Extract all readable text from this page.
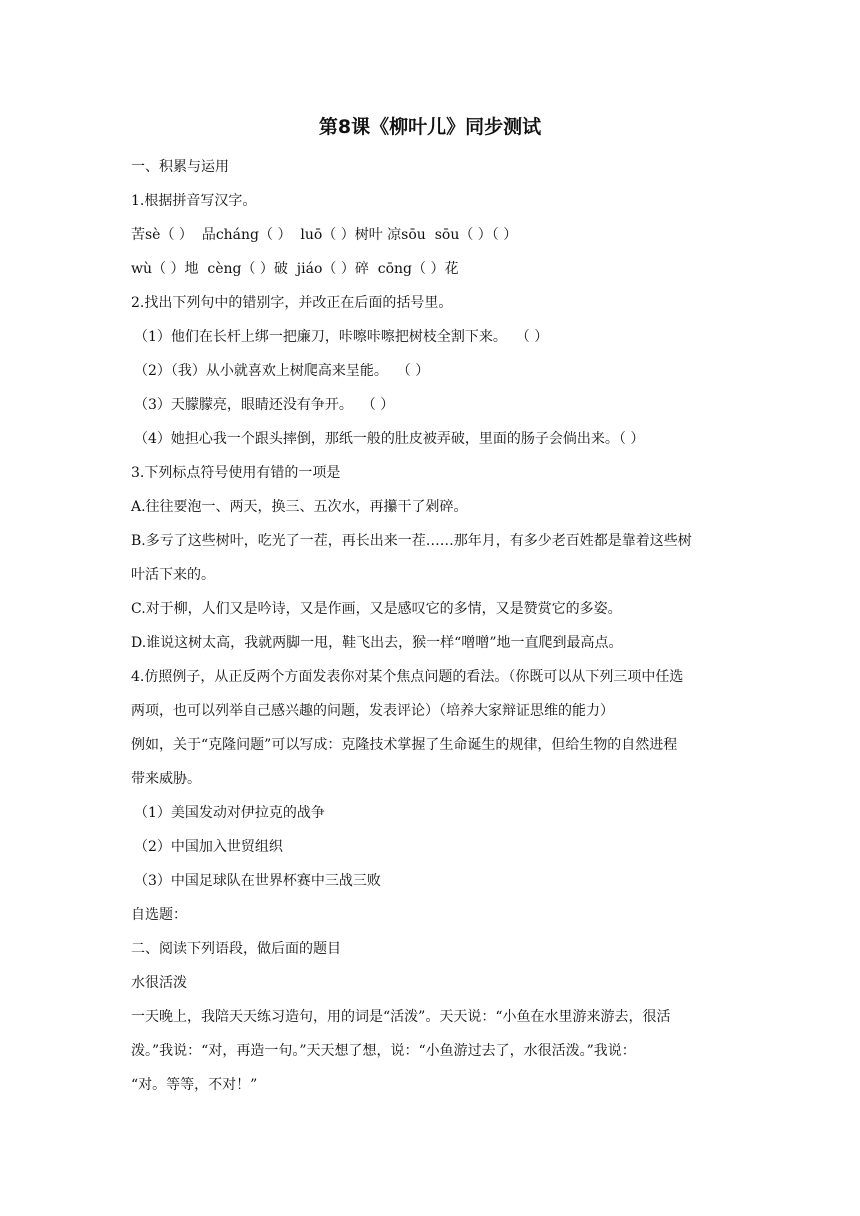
第8课《柳叶儿》同步测试

一、积累与运用

1.根据拼音写汉字。

苦sè（ ）  品cháng（ ）  luō（ ）树叶 凉sōu  sōu（ ）（ ）

wù（ ）地  cèng（ ）破  jiáo（ ）碎  cōng（ ）花

2.找出下列句中的错别字，并改正在后面的括号里。

（1）他们在长杆上绑一把廉刀，咔嚓咔嚓把树枝全割下来。  （ ）

（2）（我）从小就喜欢上树爬高来呈能。  （ ）

（3）天朦朦亮，眼睛还没有争开。  （ ）

（4）她担心我一个跟头摔倒，那纸一般的肚皮被弄破，里面的肠子会倘出来。（ ）

3.下列标点符号使用有错的一项是

A.往往要泡一、两天，换三、五次水，再攥干了剁碎。

B.多亏了这些树叶，吃光了一茬，再长出来一茬……那年月，有多少老百姓都是靠着这些树

叶活下来的。

C.对于柳，人们又是吟诗，又是作画，又是感叹它的多情，又是赞赏它的多姿。

D.谁说这树太高，我就两脚一甩，鞋飞出去，猴一样“噌噌”地一直爬到最高点。

4.仿照例子，从正反两个方面发表你对某个焦点问题的看法。（你既可以从下列三项中任选

两项，也可以列举自己感兴趣的问题，发表评论）（培养大家辩证思维的能力）

例如，关于“克隆问题”可以写成：克隆技术掌握了生命诞生的规律，但给生物的自然进程

带来威胁。

（1）美国发动对伊拉克的战争

（2）中国加入世贸组织

（3）中国足球队在世界杯赛中三战三败

自选题：

二、阅读下列语段，做后面的题目

水很活泼

一天晚上，我陪天天练习造句，用的词是“活泼”。天天说：“小鱼在水里游来游去，很活

泼。”我说：“对，再造一句。”天天想了想，说：“小鱼游过去了，水很活泼。”我说：

“对。等等，不对！”
